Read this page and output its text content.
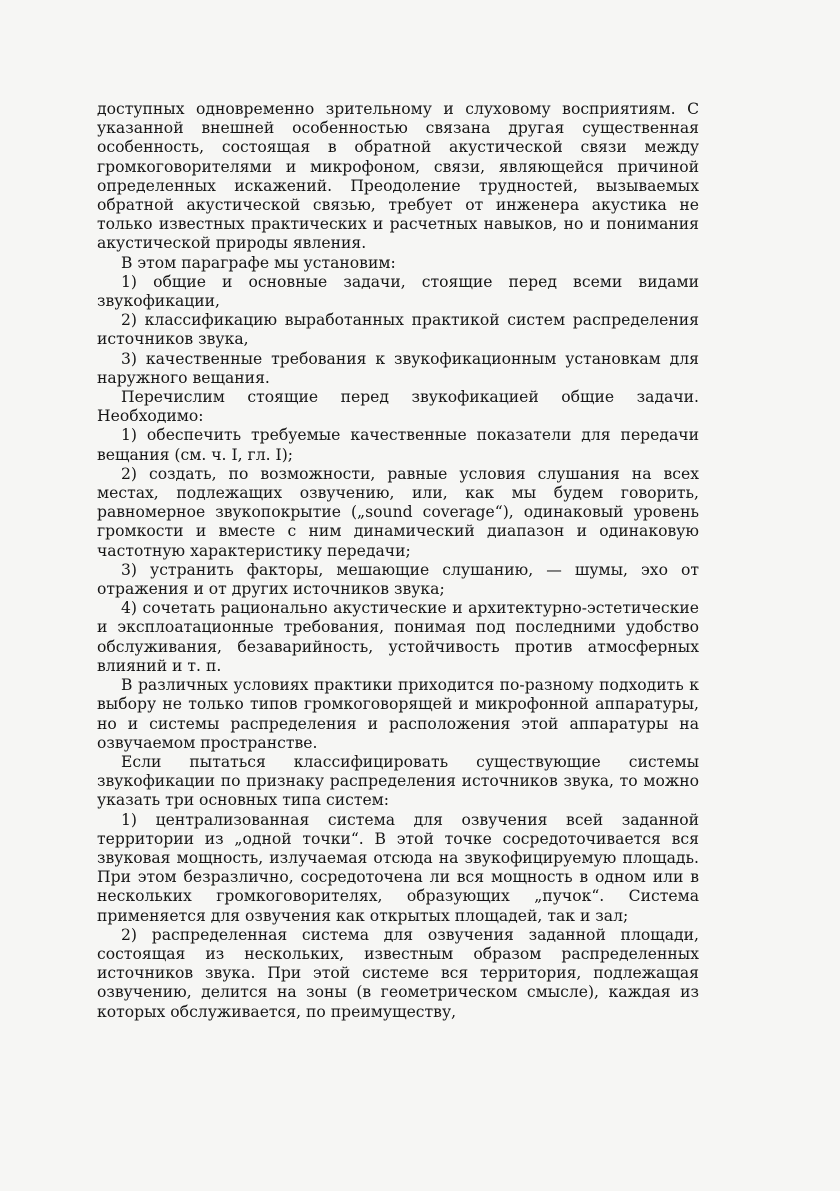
доступных одновременно зрительному и слуховому восприятиям. С указанной внешней особенностью связана другая существенная особенность, состоящая в обратной акустической связи между громкоговорителями и микрофоном, связи, являющейся причиной определенных искажений. Преодоление трудностей, вызываемых обратной акустической связью, требует от инженера акустика не только известных практических и расчетных навыков, но и понимания акустической природы явления.

В этом параграфе мы установим:

1) общие и основные задачи, стоящие перед всеми видами звукофикации,

2) классификацию выработанных практикой систем распределения источников звука,

3) качественные требования к звукофикационным установкам для наружного вещания.

Перечислим стоящие перед звукофикацией общие задачи. Необходимо:

1) обеспечить требуемые качественные показатели для передачи вещания (см. ч. I, гл. I);

2) создать, по возможности, равные условия слушания на всех местах, подлежащих озвучению, или, как мы будем говорить, равномерное звукопокрытие („sound coverage“), одинаковый уровень громкости и вместе с ним динамический диапазон и одинаковую частотную характеристику передачи;

3) устранить факторы, мешающие слушанию, — шумы, эхо от отражения и от других источников звука;

4) сочетать рационально акустические и архитектурно-эстетические и эксплоатационные требования, понимая под последними удобство обслуживания, безаварийность, устойчивость против атмосферных влияний и т. п.

В различных условиях практики приходится по-разному подходить к выбору не только типов громкоговорящей и микрофонной аппаратуры, но и системы распределения и расположения этой аппаратуры на озвучаемом пространстве.

Если пытаться классифицировать существующие системы звукофикации по признаку распределения источников звука, то можно указать три основных типа систем:

1) централизованная система для озвучения всей заданной территории из „одной точки“. В этой точке сосредоточивается вся звуковая мощность, излучаемая отсюда на звукофицируемую площадь. При этом безразлично, сосредоточена ли вся мощность в одном или в нескольких громкоговорителях, образующих „пучок“. Система применяется для озвучения как открытых площадей, так и зал;

2) распределенная система для озвучения заданной площади, состоящая из нескольких, известным образом распределенных источников звука. При этой системе вся территория, подлежащая озвучению, делится на зоны (в геометрическом смысле), каждая из которых обслуживается, по преимуществу,
